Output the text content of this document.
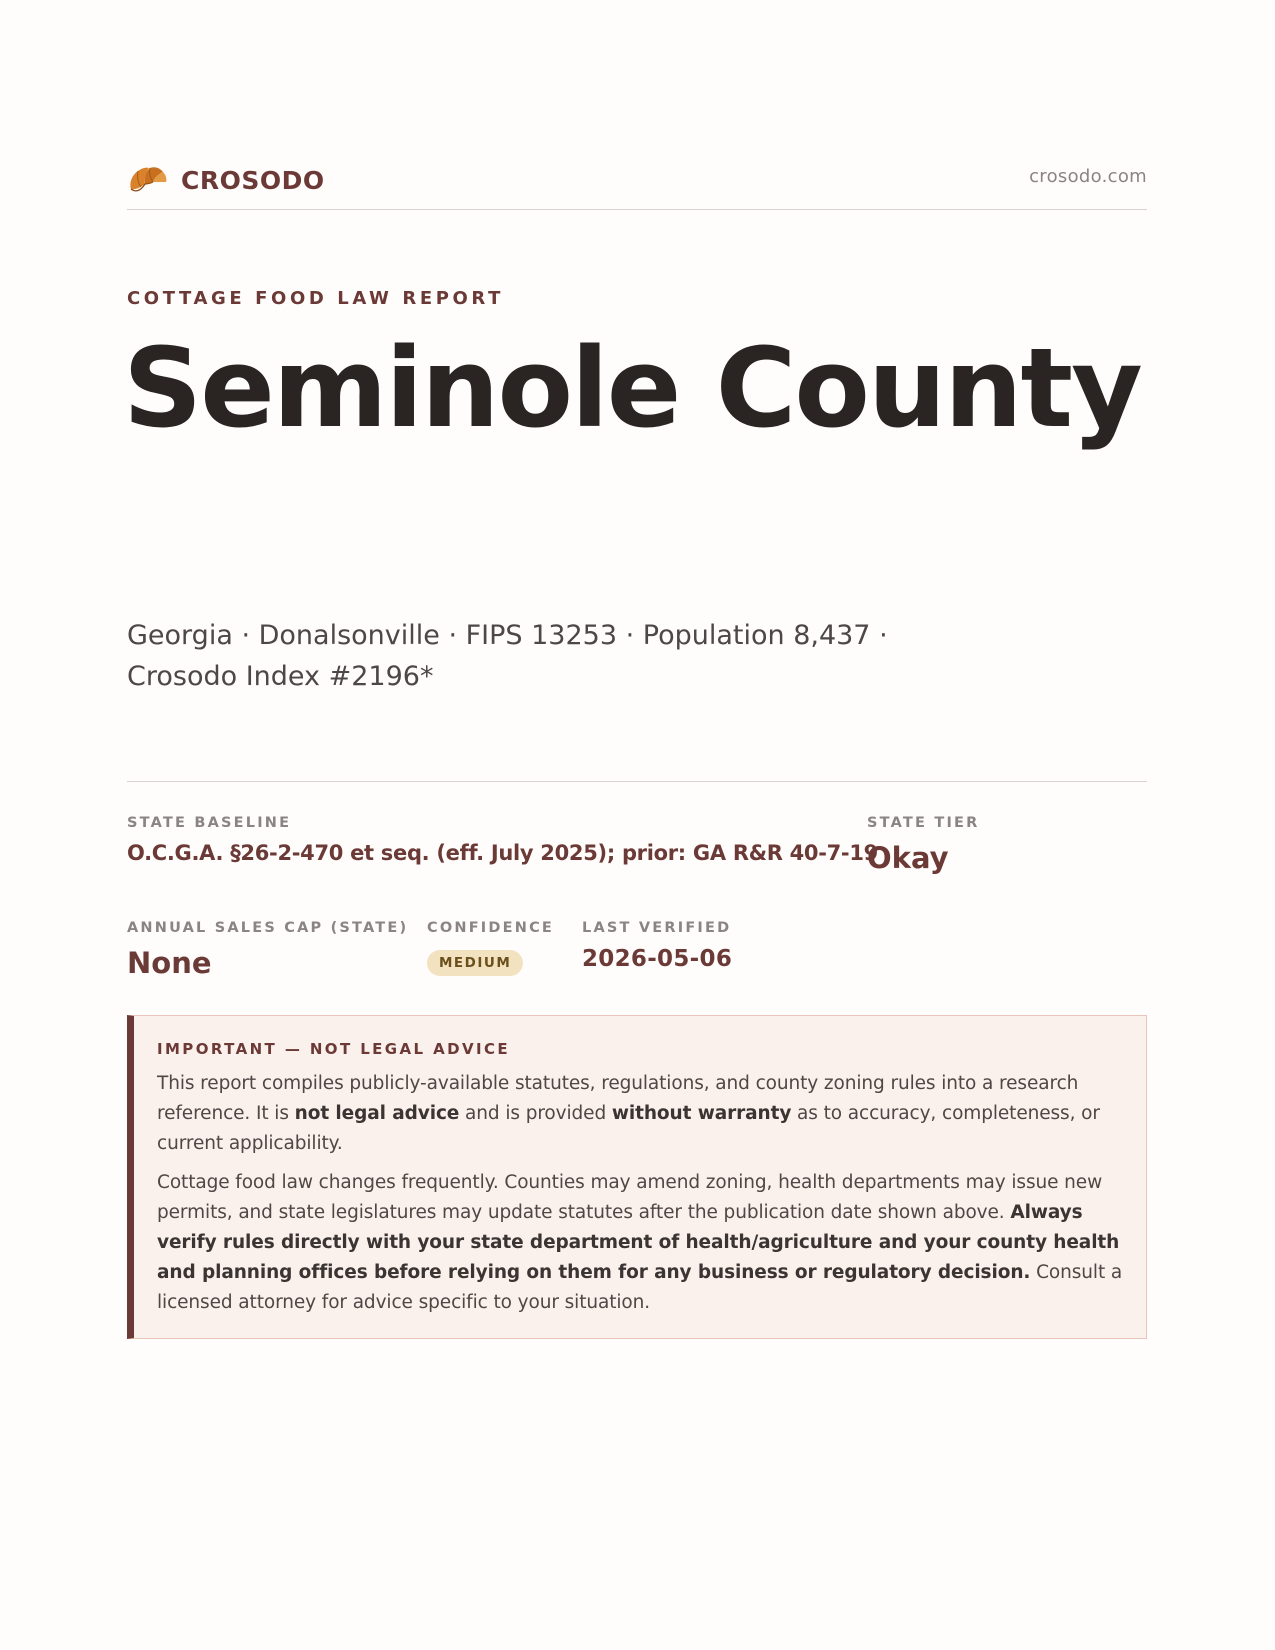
CROSODO	crosodo.com
COTTAGE FOOD LAW REPORT
Seminole County
Georgia · Donalsonville · FIPS 13253 · Population 8,437 · Crosodo Index #2196*
STATE BASELINE
O.C.G.A. §26-2-470 et seq. (eff. July 2025); prior: GA R&R 40-7-19
STATE TIER
Okay
ANNUAL SALES CAP (STATE)
None
CONFIDENCE
MEDIUM
LAST VERIFIED
2026-05-06
IMPORTANT — NOT LEGAL ADVICE

This report compiles publicly-available statutes, regulations, and county zoning rules into a research reference. It is not legal advice and is provided without warranty as to accuracy, completeness, or current applicability.

Cottage food law changes frequently. Counties may amend zoning, health departments may issue new permits, and state legislatures may update statutes after the publication date shown above. Always verify rules directly with your state department of health/agriculture and your county health and planning offices before relying on them for any business or regulatory decision. Consult a licensed attorney for advice specific to your situation.
